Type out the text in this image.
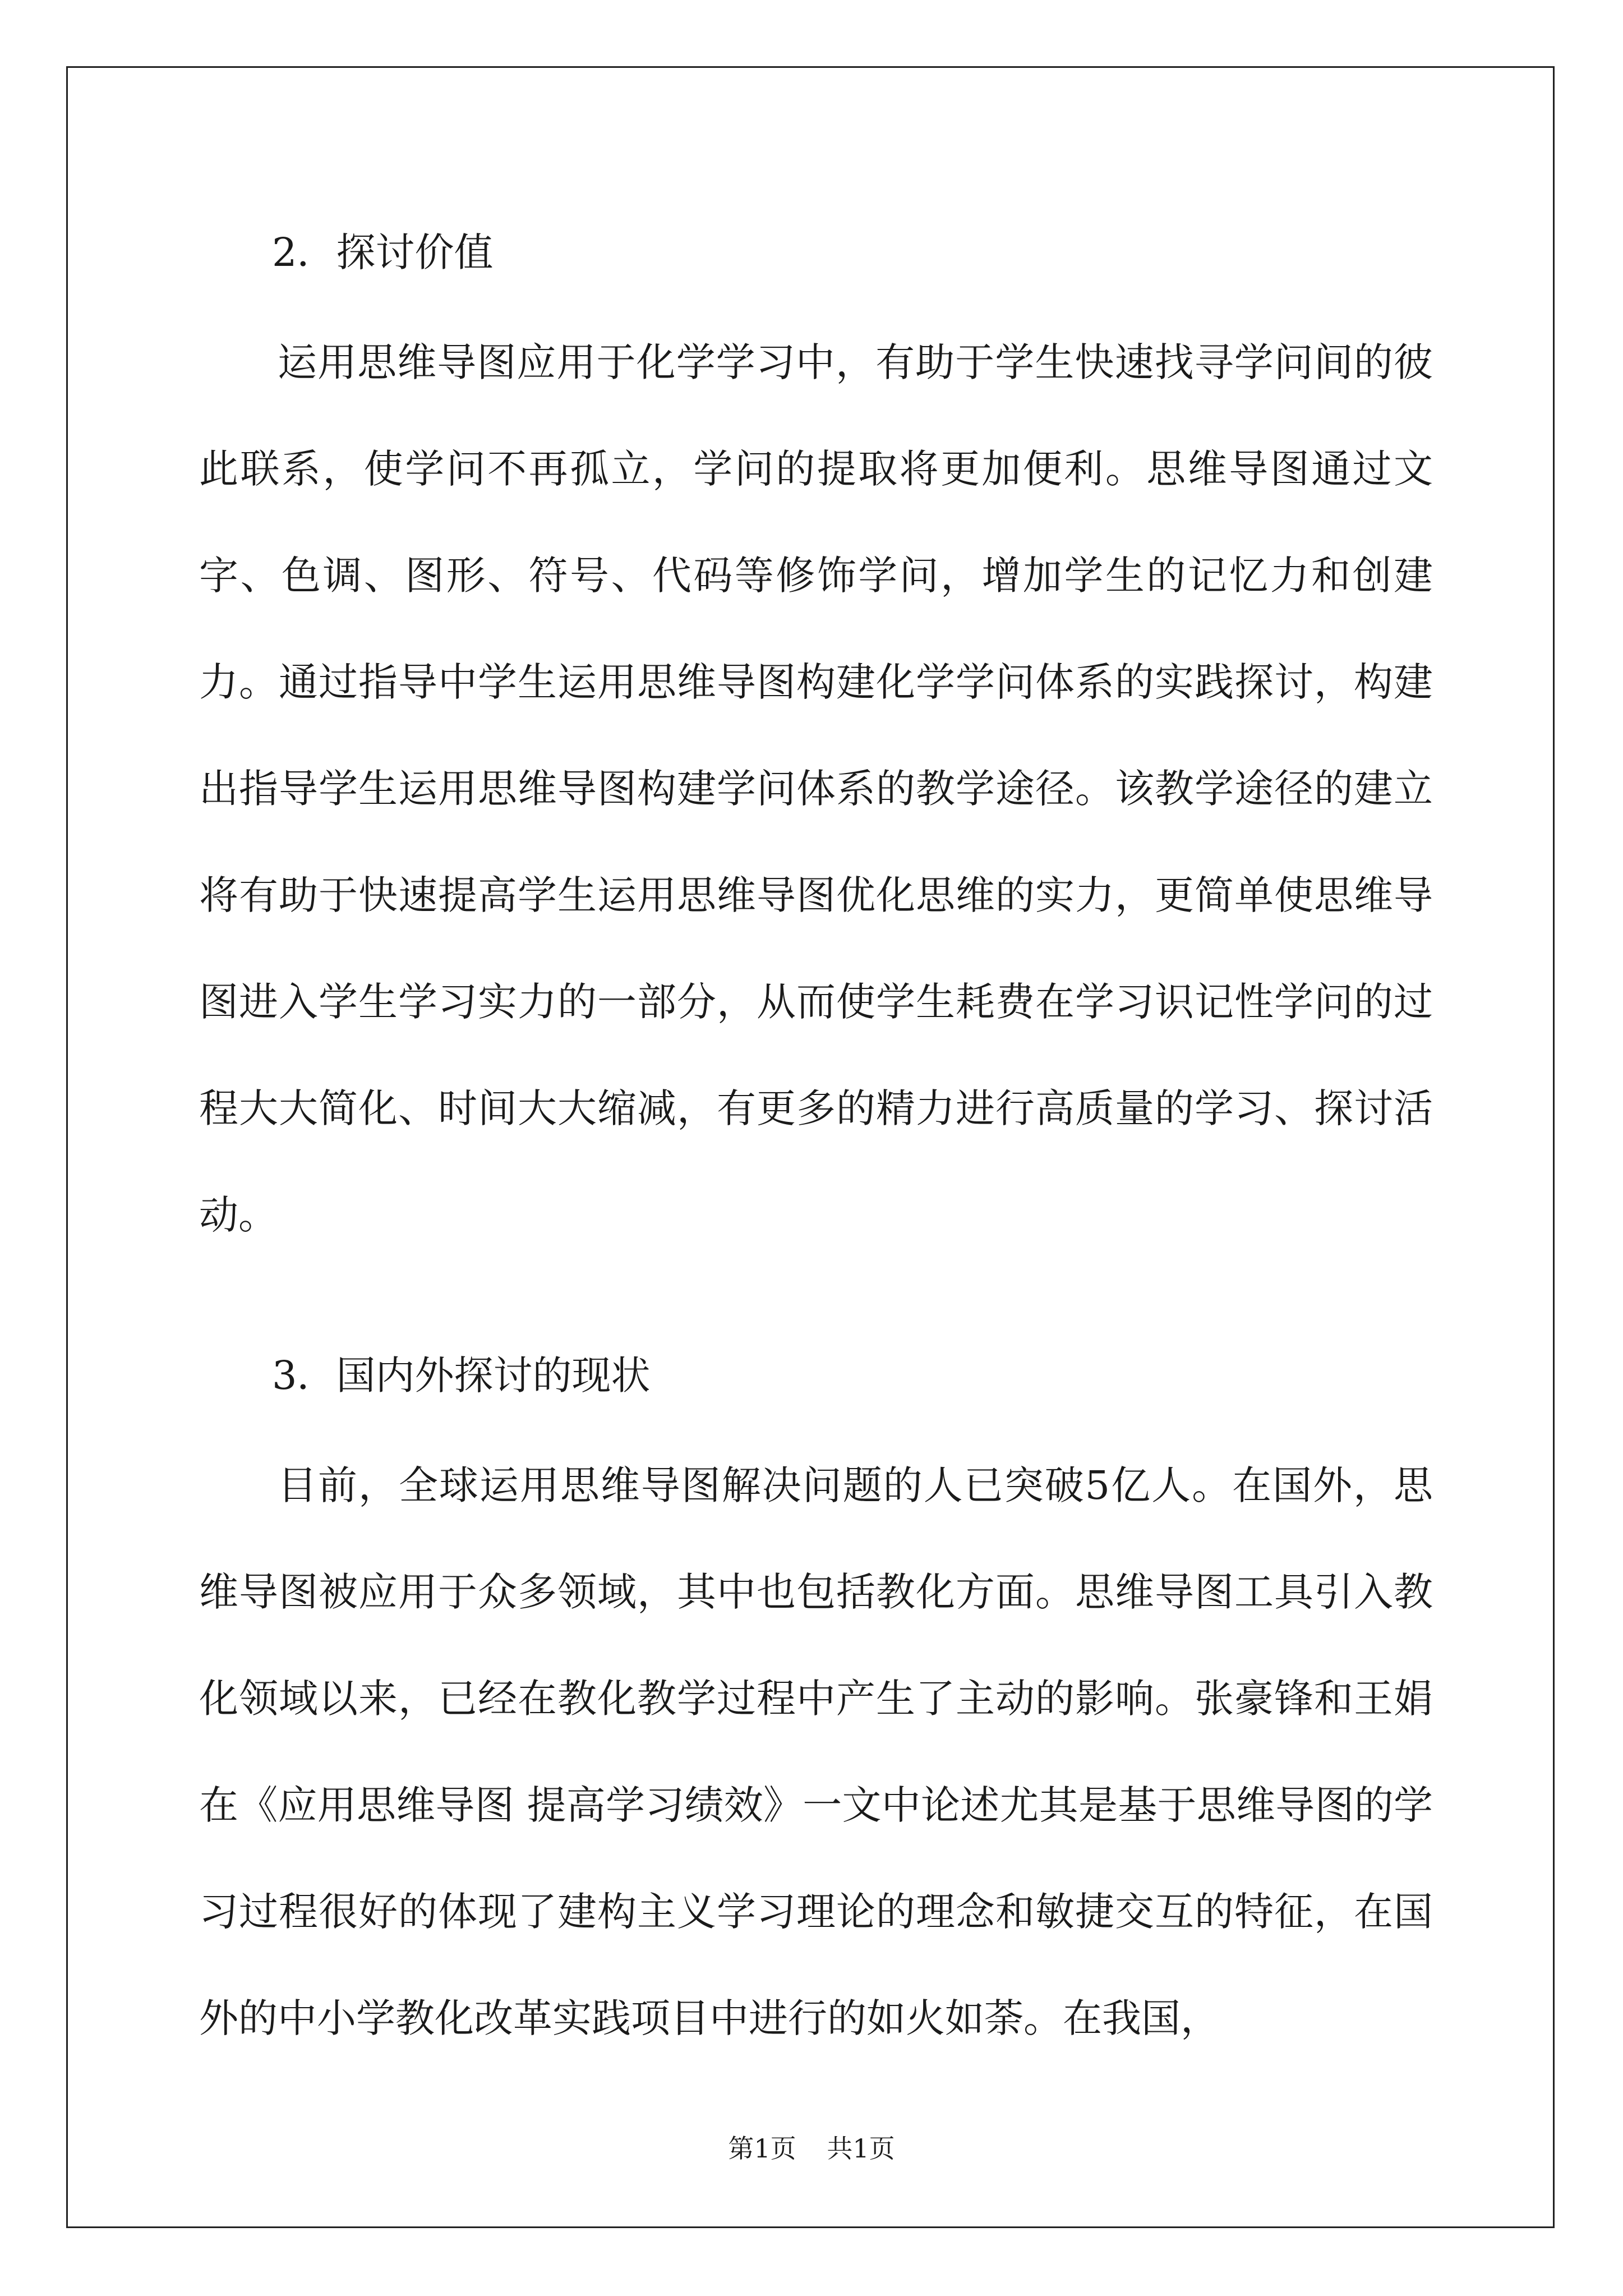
2．探讨价值

运用思维导图应用于化学学习中，有助于学生快速找寻学问间的彼此联系，使学问不再孤立，学问的提取将更加便利。思维导图通过文字、色调、图形、符号、代码等修饰学问，增加学生的记忆力和创建力。通过指导中学生运用思维导图构建化学学问体系的实践探讨，构建出指导学生运用思维导图构建学问体系的教学途径。该教学途径的建立将有助于快速提高学生运用思维导图优化思维的实力，更简单使思维导图进入学生学习实力的一部分，从而使学生耗费在学习识记性学问的过程大大简化、时间大大缩减，有更多的精力进行高质量的学习、探讨活动。

3．国内外探讨的现状

目前，全球运用思维导图解决问题的人已突破5亿人。在国外，思维导图被应用于众多领域，其中也包括教化方面。思维导图工具引入教化领域以来，已经在教化教学过程中产生了主动的影响。张豪锋和王娟在《应用思维导图 提高学习绩效》一文中论述尤其是基于思维导图的学习过程很好的体现了建构主义学习理论的理念和敏捷交互的特征，在国外的中小学教化改革实践项目中进行的如火如荼。在我国，

第1页 共1页
